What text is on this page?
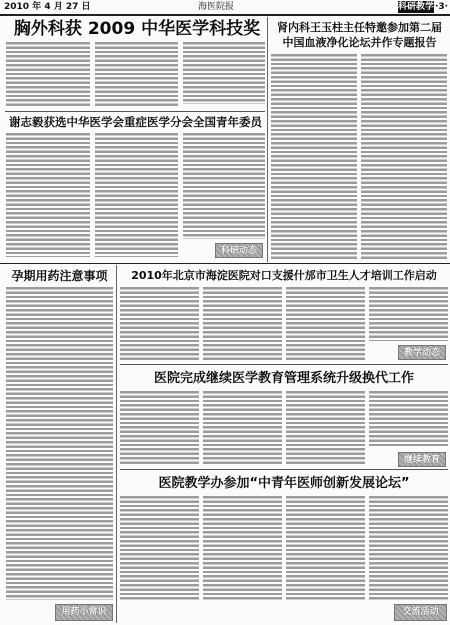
2010 年 4 月 27 日	海医院报	科研教学 ·3·
胸外科获 2009 中华医学科技奖
谢志毅获选中华医学会重症医学分会全国青年委员
科研动态
肾内科王玉柱主任特邀参加第二届
中国血液净化论坛并作专题报告
孕期用药注意事项
用药小常识
2010年北京市海淀医院对口支援什邡市卫生人才培训工作启动
教学动态
医院完成继续医学教育管理系统升级换代工作
继续教育
医院教学办参加“中青年医师创新发展论坛”
交流活动
